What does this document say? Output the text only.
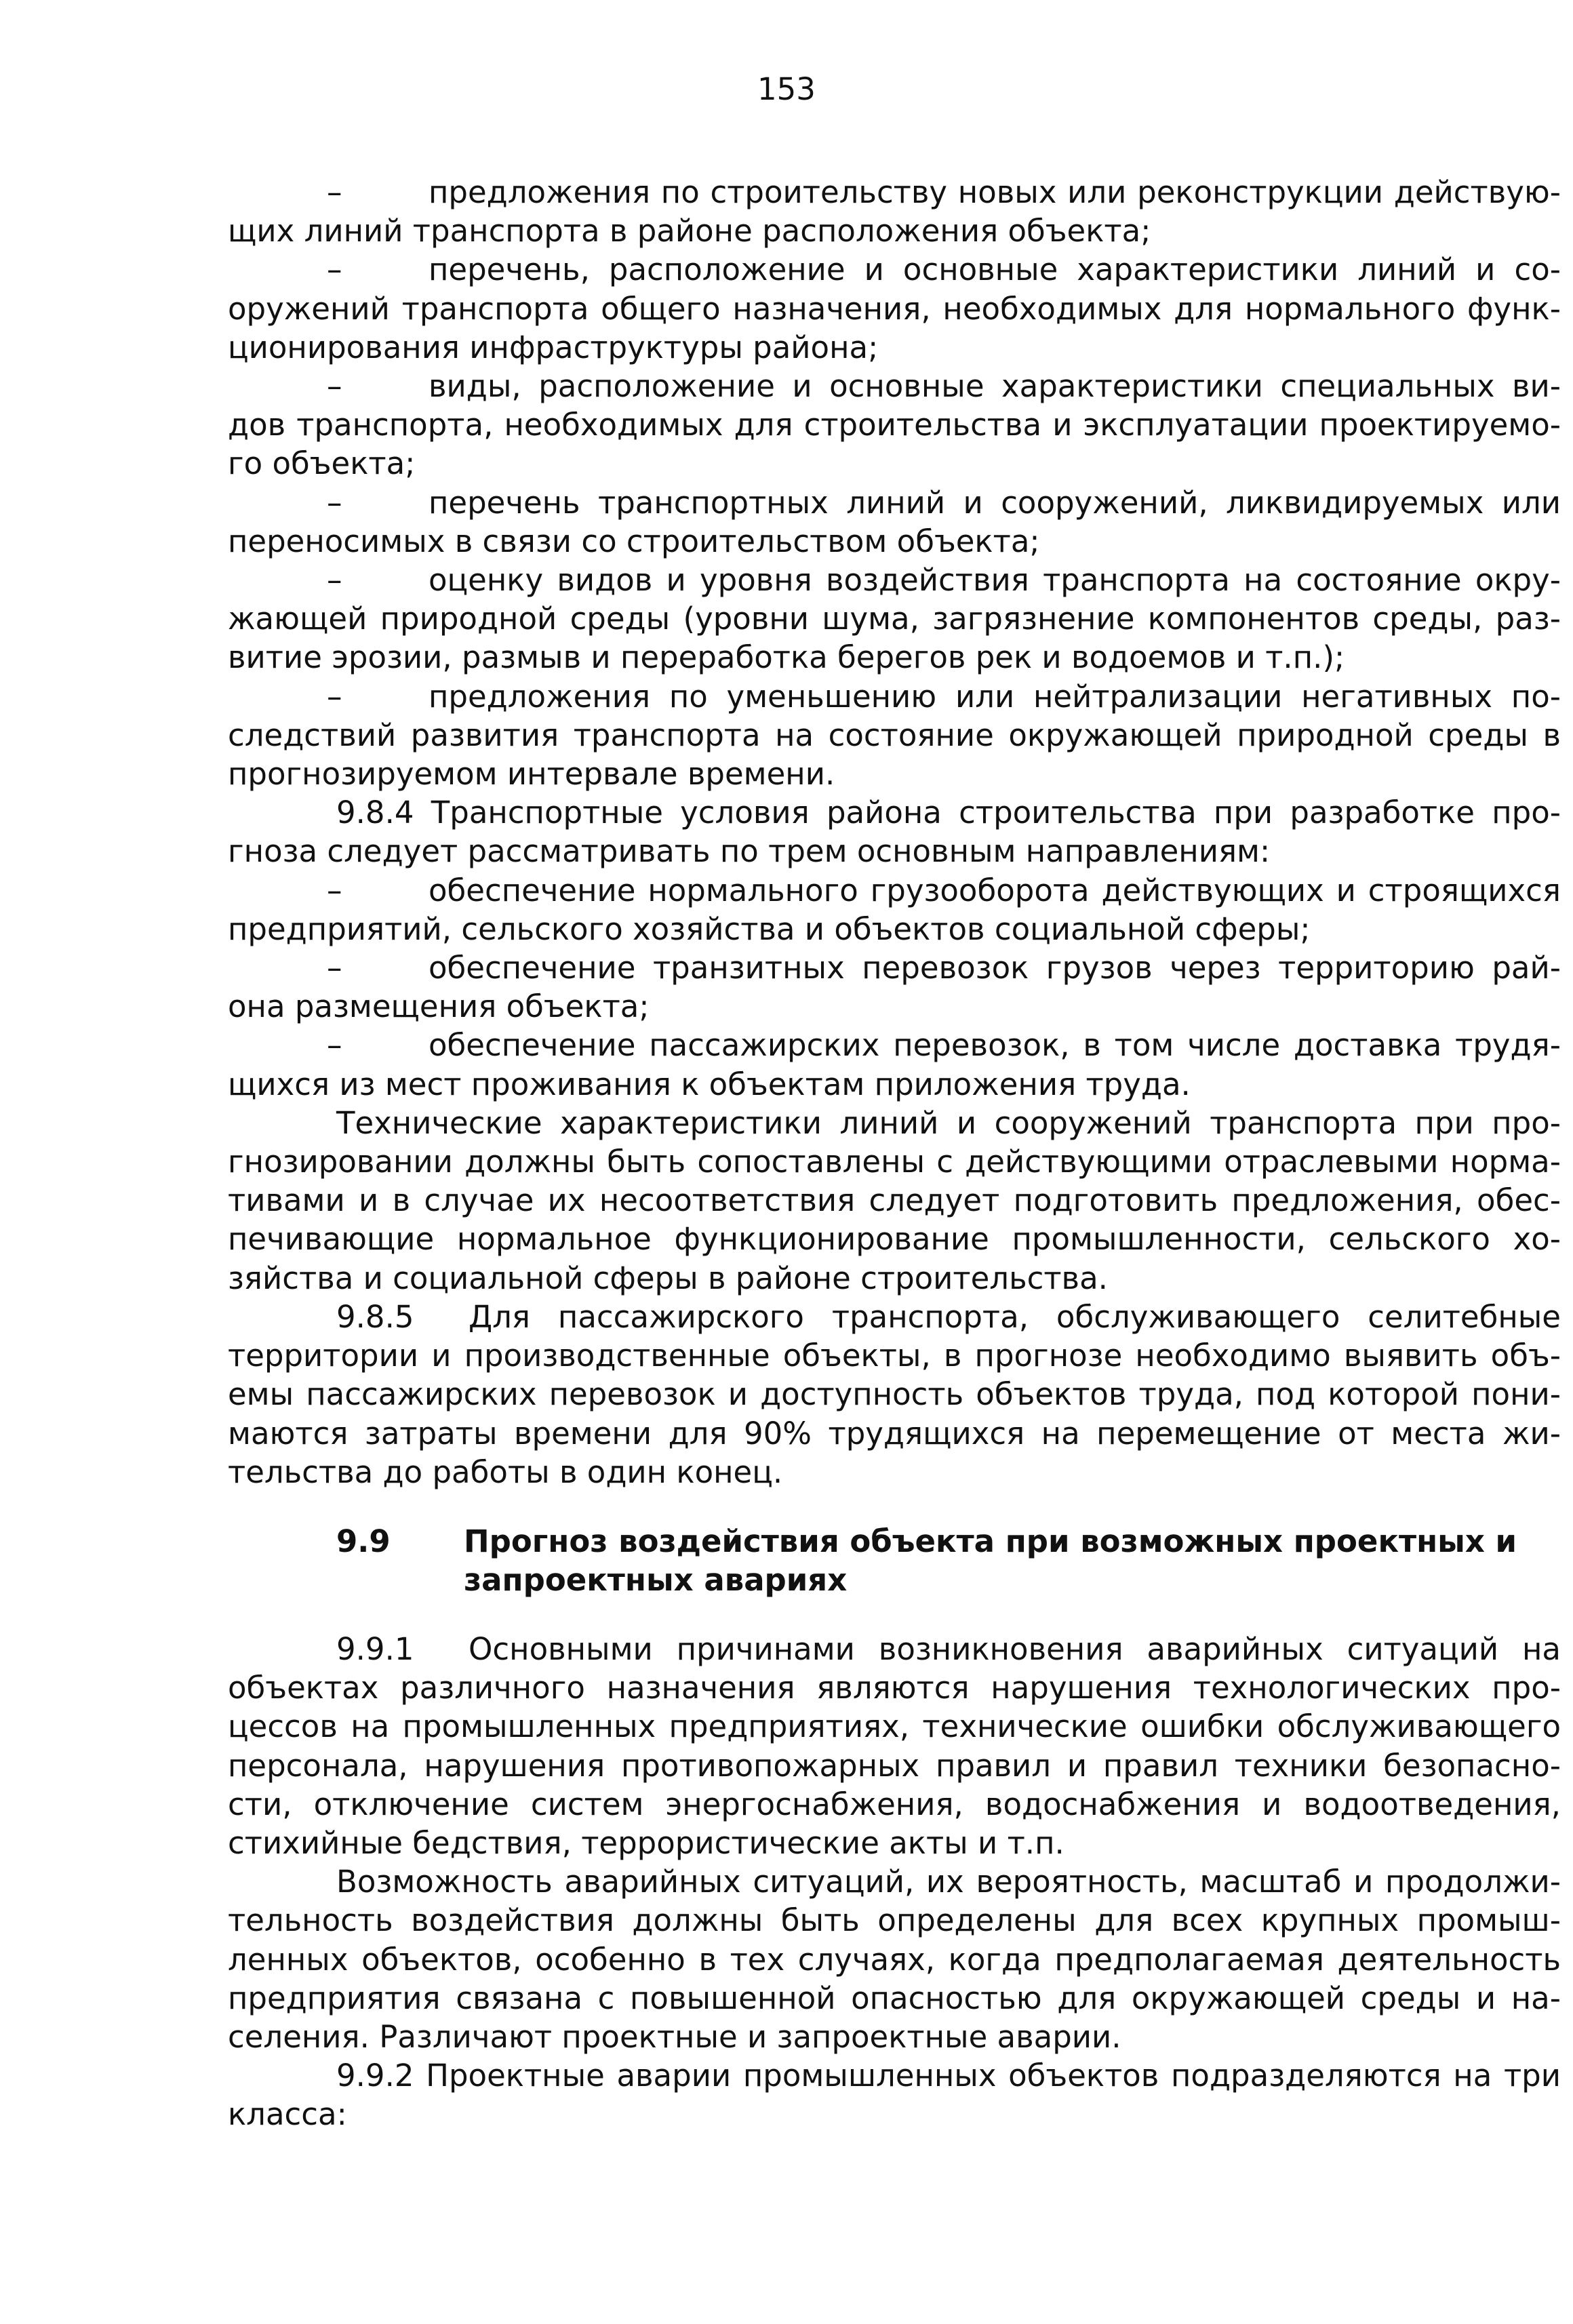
153

–	предложения по строительству новых или реконструкции действующих линий транспорта в районе расположения объекта;

–	перечень, расположение и основные характеристики линий и сооружений транспорта общего назначения, необходимых для нормального функционирования инфраструктуры района;

–	виды, расположение и основные характеристики специальных видов транспорта, необходимых для строительства и эксплуатации проектируемого объекта;

–	перечень транспортных линий и сооружений, ликвидируемых или переносимых в связи со строительством объекта;

–	оценку видов и уровня воздействия транспорта на состояние окружающей природной среды (уровни шума, загрязнение компонентов среды, развитие эрозии, размыв и переработка берегов рек и водоемов и т.п.);

–	предложения по уменьшению или нейтрализации негативных последствий развития транспорта на состояние окружающей природной среды в прогнозируемом интервале времени.

9.8.4 Транспортные условия района строительства при разработке прогноза следует рассматривать по трем основным направлениям:

–	обеспечение нормального грузооборота действующих и строящихся предприятий, сельского хозяйства и объектов социальной сферы;

–	обеспечение транзитных перевозок грузов через территорию района размещения объекта;

–	обеспечение пассажирских перевозок, в том числе доставка трудящихся из мест проживания к объектам приложения труда.

Технические характеристики линий и сооружений транспорта при прогнозировании должны быть сопоставлены с действующими отраслевыми нормативами и в случае их несоответствия следует подготовить предложения, обеспечивающие нормальное функционирование промышленности, сельского хозяйства и социальной сферы в районе строительства.

9.8.5 Для пассажирского транспорта, обслуживающего селитебные территории и производственные объекты, в прогнозе необходимо выявить объемы пассажирских перевозок и доступность объектов труда, под которой понимаются затраты времени для 90% трудящихся на перемещение от места жительства до работы в один конец.

9.9	Прогноз воздействия объекта при возможных проектных и запроектных авариях

9.9.1 Основными причинами возникновения аварийных ситуаций на объектах различного назначения являются нарушения технологических процессов на промышленных предприятиях, технические ошибки обслуживающего персонала, нарушения противопожарных правил и правил техники безопасности, отключение систем энергоснабжения, водоснабжения и водоотведения, стихийные бедствия, террористические акты и т.п.

Возможность аварийных ситуаций, их вероятность, масштаб и продолжительность воздействия должны быть определены для всех крупных промышленных объектов, особенно в тех случаях, когда предполагаемая деятельность предприятия связана с повышенной опасностью для окружающей среды и населения. Различают проектные и запроектные аварии.

9.9.2 Проектные аварии промышленных объектов подразделяются на три класса:
